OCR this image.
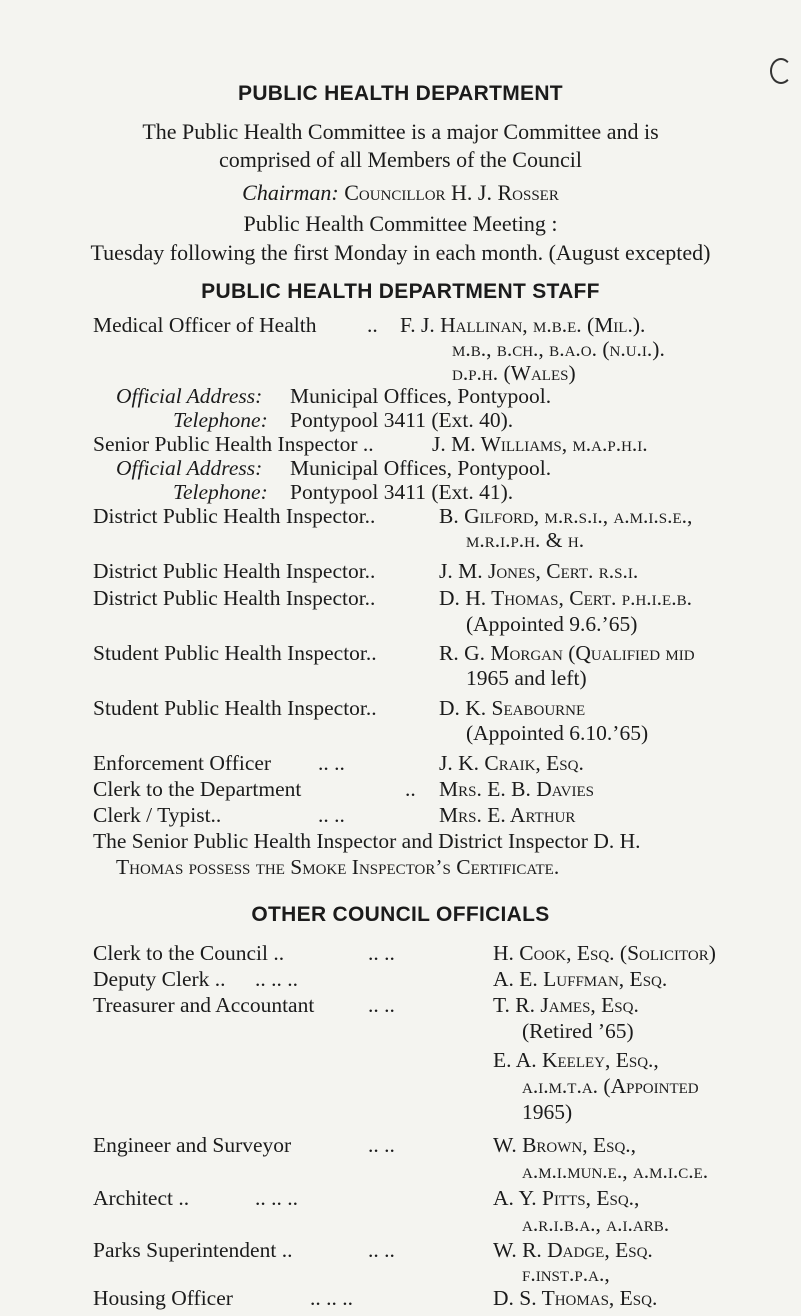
PUBLIC HEALTH DEPARTMENT
The Public Health Committee is a major Committee and is
comprised of all Members of the Council
Chairman: Councillor H. J. Rosser
Public Health Committee Meeting :
Tuesday following the first Monday in each month. (August excepted)
PUBLIC HEALTH DEPARTMENT STAFF
Medical Officer of Health .. F. J. Hallinan, m.b.e. (Mil.).
m.b., b.ch., b.a.o. (n.u.i.).
d.p.h. (Wales)
Official Address: Municipal Offices, Pontypool.
Telephone: Pontypool 3411 (Ext. 40).
Senior Public Health Inspector ..	J. M. Williams, m.a.p.h.i.
Official Address: Municipal Offices, Pontypool.
Telephone: Pontypool 3411 (Ext. 41).
District Public Health Inspector..	B. Gilford, m.r.s.i., a.m.i.s.e.,
m.r.i.p.h. & h.
District Public Health Inspector..	J. M. Jones, Cert. r.s.i.
District Public Health Inspector..	D. H. Thomas, Cert. p.h.i.e.b.
(Appointed 9.6.’65)
Student Public Health Inspector..	R. G. Morgan (Qualified mid
1965 and left)
Student Public Health Inspector..	D. K. Seabourne
(Appointed 6.10.’65)
Enforcement Officer .. ..	J. K. Craik, Esq.
Clerk to the Department	.. Mrs. E. B. Davies
Clerk / Typist..	.. ..	Mrs. E. Arthur
The Senior Public Health Inspector and District Inspector D. H.
Thomas possess the Smoke Inspector’s Certificate.
OTHER COUNCIL OFFICIALS
Clerk to the Council ..	.. ..	H. Cook, Esq. (Solicitor)
Deputy Clerk .. .. .. ..	A. E. Luffman, Esq.
Treasurer and Accountant .. ..	T. R. James, Esq.
(Retired ’65)
E. A. Keeley, Esq.,
a.i.m.t.a. (Appointed
1965)
Engineer and Surveyor	.. ..	W. Brown, Esq.,
a.m.i.mun.e., a.m.i.c.e.
Architect ..	.. .. ..	A. Y. Pitts, Esq.,
a.r.i.b.a., a.i.arb.
Parks Superintendent ..	.. ..	W. R. Dadge, Esq.
f.inst.p.a.,
Housing Officer	.. .. ..	D. S. Thomas, Esq.
